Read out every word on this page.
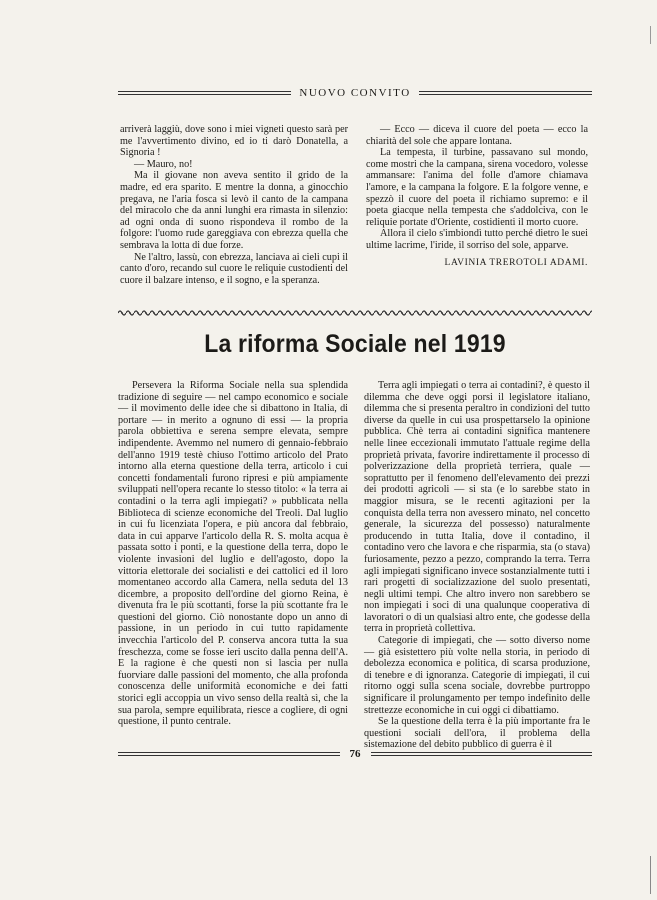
NUOVO CONVITO

arriverà laggiù, dove sono i miei vigneti questo sarà per me l'avvertimento divino, ed io ti darò Donatella, a Signoria !

— Mauro, no!

Ma il giovane non aveva sentito il grido de la madre, ed era sparito. E mentre la donna, a ginocchio pregava, ne l'aria fosca si levò il canto de la campana del miracolo che da anni lunghi era rimasta in silenzio: ad ogni onda di suono rispondeva il rombo de la folgore: l'uomo rude gareggiava con ebrezza quella che sembrava la lotta di due forze.

Ne l'altro, lassù, con ebrezza, lanciava ai cieli cupi il canto d'oro, recando sul cuore le reliquie custodienti del cuore il balzare intenso, e il sogno, e la speranza.

— Ecco — diceva il cuore del poeta — ecco la chiarità del sole che appare lontana.

La tempesta, il turbine, passavano sul mondo, come mostri che la campana, sirena vocedoro, volesse ammansare: l'anima del folle d'amore chiamava l'amore, e la campana la folgore. E la folgore venne, e spezzò il cuore del poeta il richiamo supremo: e il poeta giacque nella tempesta che s'addolciva, con le reliquie portate d'Oriente, costidienti il morto cuore.

Allora il cielo s'imbiondì tutto perché dietro le suei ultime lacrime, l'iride, il sorriso del sole, apparve.

LAVINIA TREROTOLI ADAMI.

La riforma Sociale nel 1919

Persevera la Riforma Sociale nella sua splendida tradizione di seguire — nel campo economico e sociale — il movimento delle idee che si dibattono in Italia, di portare — in merito a ognuno di essi — la propria parola obbiettiva e serena sempre elevata, sempre indipendente. Avemmo nel numero di gennaio-febbraio dell'anno 1919 testè chiuso l'ottimo articolo del Prato intorno alla eterna questione della terra, articolo i cui concetti fondamentali furono ripresi e più ampiamente sviluppati nell'opera recante lo stesso titolo: « la terra ai contadini o la terra agli impiegati? » pubblicata nella Biblioteca di scienze economiche del Treoli. Dal luglio in cui fu licenziata l'opera, e più ancora dal febbraio, data in cui apparve l'articolo della R. S. molta acqua è passata sotto i ponti, e la questione della terra, dopo le violente invasioni del luglio e dell'agosto, dopo la vittoria elettorale dei socialisti e dei cattolici ed il loro momentaneo accordo alla Camera, nella seduta del 13 dicembre, a proposito dell'ordine del giorno Reina, è divenuta fra le più scottanti, forse la più scottante fra le questioni del giorno. Ciò nonostante dopo un anno di passione, in un periodo in cui tutto rapidamente invecchia l'articolo del P. conserva ancora tutta la sua freschezza, come se fosse ieri uscito dalla penna dell'A. E la ragione è che questi non si lascia per nulla fuorviare dalle passioni del momento, che alla profonda conoscenza delle uniformità economiche e dei fatti storici egli accoppia un vivo senso della realtà sì, che la sua parola, sempre equilibrata, riesce a cogliere, di ogni questione, il punto centrale.

Terra agli impiegati o terra ai contadini?, è questo il dilemma che deve oggi porsi il legislatore italiano, dilemma che si presenta peraltro in condizioni del tutto diverse da quelle in cui usa prospettarselo la opinione pubblica. Chè terra ai contadini significa mantenere nelle linee eccezionali immutato l'attuale regime della proprietà privata, favorire indirettamente il processo di polverizzazione della proprietà terriera, quale — soprattutto per il fenomeno dell'elevamento dei prezzi dei prodotti agricoli — si sta (e lo sarebbe stato in maggior misura, se le recenti agitazioni per la conquista della terra non avessero minato, nel concetto generale, la sicurezza del possesso) naturalmente producendo in tutta Italia, dove il contadino, il contadino vero che lavora e che risparmia, sta (o stava) furiosamente, pezzo a pezzo, comprando la terra. Terra agli impiegati significano invece sostanzialmente tutti i rari progetti di socializzazione del suolo presentati, negli ultimi tempi. Che altro invero non sarebbero se non impiegati i soci di una qualunque cooperativa di lavoratori o di un qualsiasi altro ente, che godesse della terra in proprietà collettiva.

Categorie di impiegati, che — sotto diverso nome — già esistettero più volte nella storia, in periodo di debolezza economica e politica, di scarsa produzione, di tenebre e di ignoranza. Categorie di impiegati, il cui ritorno oggi sulla scena sociale, dovrebbe purtroppo significare il prolungamento per tempo indefinito delle strettezze economiche in cui oggi ci dibattiamo.

Se la questione della terra è la più importante fra le questioni sociali dell'ora, il problema della sistemazione del debito pubblico di guerra è il

76
